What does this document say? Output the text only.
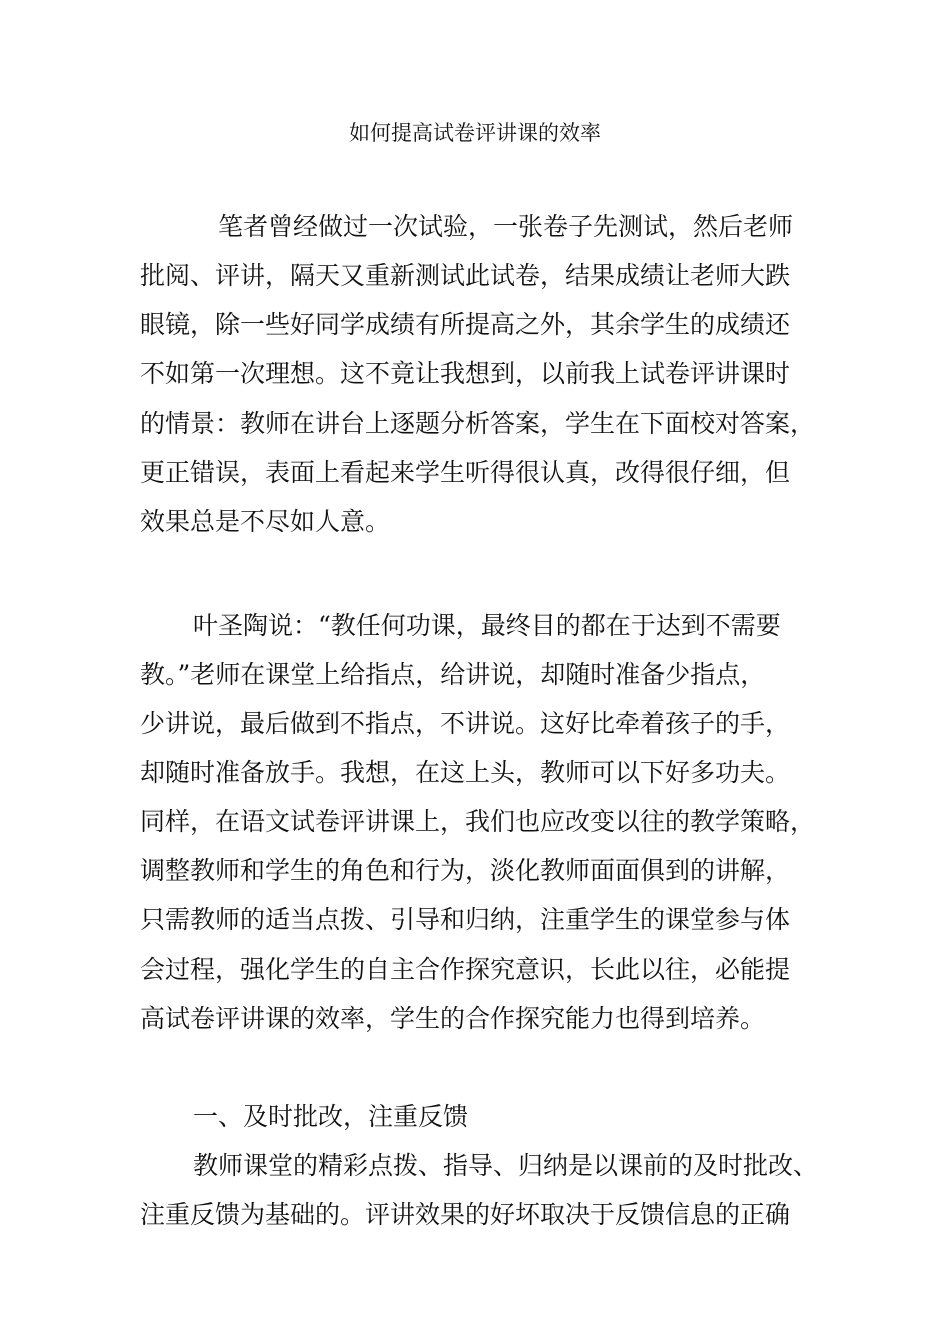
如何提高试卷评讲课的效率
笔者曾经做过一次试验，一张卷子先测试，然后老师
批阅、评讲，隔天又重新测试此试卷，结果成绩让老师大跌
眼镜，除一些好同学成绩有所提高之外，其余学生的成绩还
不如第一次理想。这不竟让我想到，以前我上试卷评讲课时
的情景：教师在讲台上逐题分析答案，学生在下面校对答案，
更正错误，表面上看起来学生听得很认真，改得很仔细，但
效果总是不尽如人意。
叶圣陶说：“教任何功课，最终目的都在于达到不需要
教。”老师在课堂上给指点，给讲说，却随时准备少指点，
少讲说，最后做到不指点，不讲说。这好比牵着孩子的手，
却随时准备放手。我想，在这上头，教师可以下好多功夫。
同样，在语文试卷评讲课上，我们也应改变以往的教学策略，
调整教师和学生的角色和行为，淡化教师面面俱到的讲解，
只需教师的适当点拨、引导和归纳，注重学生的课堂参与体
会过程，强化学生的自主合作探究意识，长此以往，必能提
高试卷评讲课的效率，学生的合作探究能力也得到培养。
一、及时批改，注重反馈
教师课堂的精彩点拨、指导、归纳是以课前的及时批改、
注重反馈为基础的。评讲效果的好坏取决于反馈信息的正确
